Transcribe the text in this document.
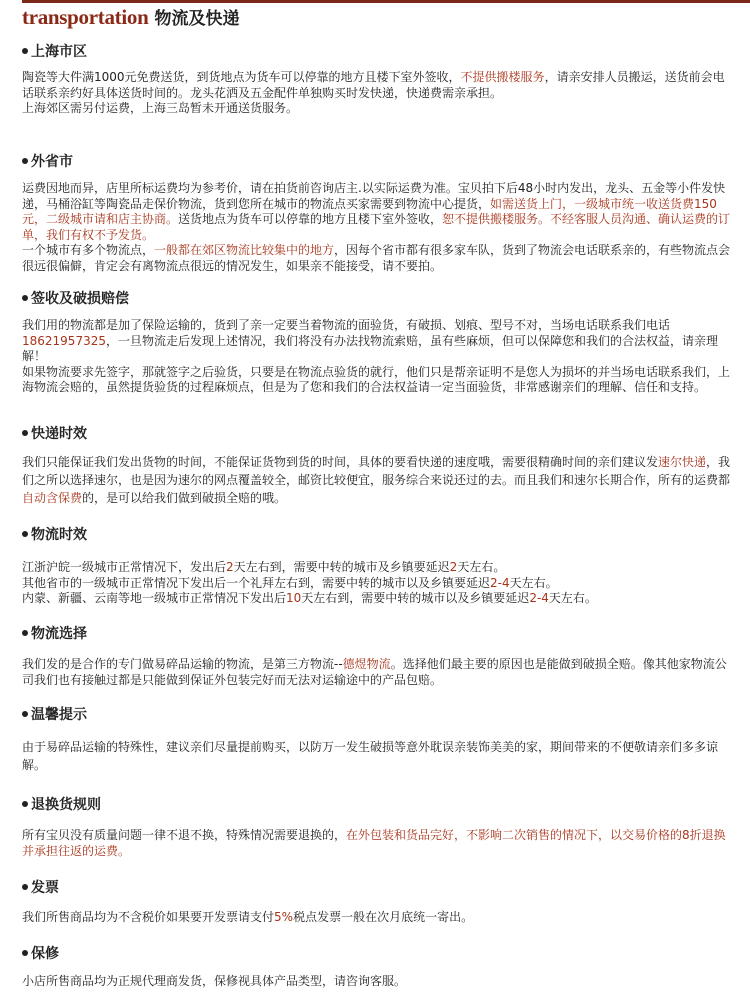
transportation 物流及快递
上海市区
陶瓷等大件满1000元免费送货，到货地点为货车可以停靠的地方且楼下室外签收，不提供搬楼服务，请亲安排人员搬运，送货前会电话联系亲约好具体送货时间的。龙头花洒及五金配件单独购买时发快递，快递费需亲承担。
上海郊区需另付运费，上海三岛暂未开通送货服务。
外省市
运费因地而异，店里所标运费均为参考价，请在拍货前咨询店主.以实际运费为准。宝贝拍下后48小时内发出，龙头、五金等小件发快递，马桶浴缸等陶瓷品走保价物流，货到您所在城市的物流点买家需要到物流中心提货，如需送货上门，一级城市统一收送货费150元，二级城市请和店主协商。送货地点为货车可以停靠的地方且楼下室外签收，恕不提供搬楼服务。不经客服人员沟通、确认运费的订单，我们有权不予发货。
一个城市有多个物流点，一般都在郊区物流比较集中的地方，因每个省市都有很多家车队，货到了物流会电话联系亲的，有些物流点会很远很偏僻，肯定会有离物流点很远的情况发生，如果亲不能接受，请不要拍。
签收及破损赔偿
我们用的物流都是加了保险运输的，货到了亲一定要当着物流的面验货，有破损、划痕、型号不对，当场电话联系我们电话18621957325，一旦物流走后发现上述情况，我们将没有办法找物流索赔，虽有些麻烦，但可以保障您和我们的合法权益，请亲理解！
如果物流要求先签字，那就签字之后验货，只要是在物流点验货的就行，他们只是帮亲证明不是您人为损坏的并当场电话联系我们，上海物流会赔的，虽然提货验货的过程麻烦点，但是为了您和我们的合法权益请一定当面验货，非常感谢亲们的理解、信任和支持。
快递时效
我们只能保证我们发出货物的时间，不能保证货物到货的时间，具体的要看快递的速度哦，需要很精确时间的亲们建议发速尔快递，我们之所以选择速尔，也是因为速尔的网点覆盖较全，邮资比较便宜，服务综合来说还过的去。而且我们和速尔长期合作，所有的运费都自动含保费的，是可以给我们做到破损全赔的哦。
物流时效
江浙沪皖一级城市正常情况下，发出后2天左右到，需要中转的城市及乡镇要延迟2天左右。
其他省市的一级城市正常情况下发出后一个礼拜左右到，需要中转的城市以及乡镇要延迟2-4天左右。
内蒙、新疆、云南等地一级城市正常情况下发出后10天左右到，需要中转的城市以及乡镇要延迟2-4天左右。
物流选择
我们发的是合作的专门做易碎品运输的物流，是第三方物流--德煜物流。选择他们最主要的原因也是能做到破损全赔。像其他家物流公司我们也有接触过都是只能做到保证外包装完好而无法对运输途中的产品包赔。
温馨提示
由于易碎品运输的特殊性，建议亲们尽量提前购买，以防万一发生破损等意外耽误亲装饰美美的家，期间带来的不便敬请亲们多多谅解。
退换货规则
所有宝贝没有质量问题一律不退不换，特殊情况需要退换的，在外包装和货品完好，不影响二次销售的情况下，以交易价格的8折退换并承担往返的运费。
发票
我们所售商品均为不含税价如果要开发票请支付5%税点发票一般在次月底统一寄出。
保修
小店所售商品均为正规代理商发货，保修视具体产品类型，请咨询客服。
